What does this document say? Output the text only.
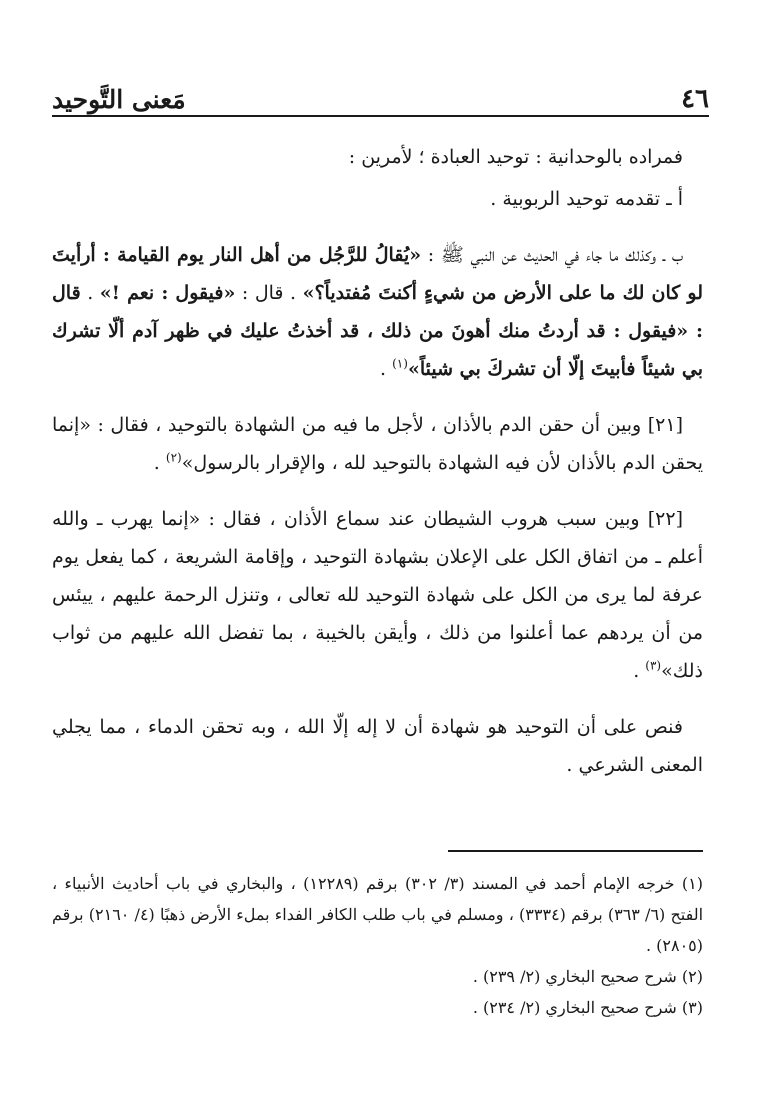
٤٦
مَعنى التَّوحيد

فمراده بالوحدانية : توحيد العبادة ؛ لأمرين :

أ ـ تقدمه توحيد الربوبية .

ب ـ وكذلك ما جاء في الحديث عن النبي ﷺ : «يُقالُ للرَّجُل من أهل النار يوم القيامة : أرأيتَ لو كان لك ما على الأرض من شيءٍ أكنتَ مُفتدياً؟» . قال : «فيقول : نعم !» . قال : «فيقول : قد أردتُ منك أهونَ من ذلك ، قد أخذتُ عليك في ظهر آدم ألّا تشرك بي شيئاً فأبيتَ إلّا أن تشركَ بي شيئاً»$^{(١)}$ .

[٢١] وبين أن حقن الدم بالأذان ، لأجل ما فيه من الشهادة بالتوحيد ، فقال : «إنما يحقن الدم بالأذان لأن فيه الشهادة بالتوحيد لله ، والإقرار بالرسول»$^{(٢)}$ .

[٢٢] وبين سبب هروب الشيطان عند سماع الأذان ، فقال : «إنما يهرب ـ والله أعلم ـ من اتفاق الكل على الإعلان بشهادة التوحيد ، وإقامة الشريعة ، كما يفعل يوم عرفة لما يرى من الكل على شهادة التوحيد لله تعالى ، وتنزل الرحمة عليهم ، ييئس من أن يردهم عما أعلنوا من ذلك ، وأيقن بالخيبة ، بما تفضل الله عليهم من ثواب ذلك»$^{(٣)}$ .

فنص على أن التوحيد هو شهادة أن لا إله إلّا الله ، وبه تحقن الدماء ، مما يجلي المعنى الشرعي .

(١) خرجه الإمام أحمد في المسند (٣/ ٣٠٢) برقم (١٢٢٨٩) ، والبخاري في باب أحاديث الأنبياء ، الفتح (٦/ ٣٦٣) برقم (٣٣٣٤) ، ومسلم في باب طلب الكافر الفداء بملء الأرض ذهبًا (٤/ ٢١٦٠) برقم (٢٨٠٥) .

(٢) شرح صحيح البخاري (٢/ ٢٣٩) .

(٣) شرح صحيح البخاري (٢/ ٢٣٤) .
